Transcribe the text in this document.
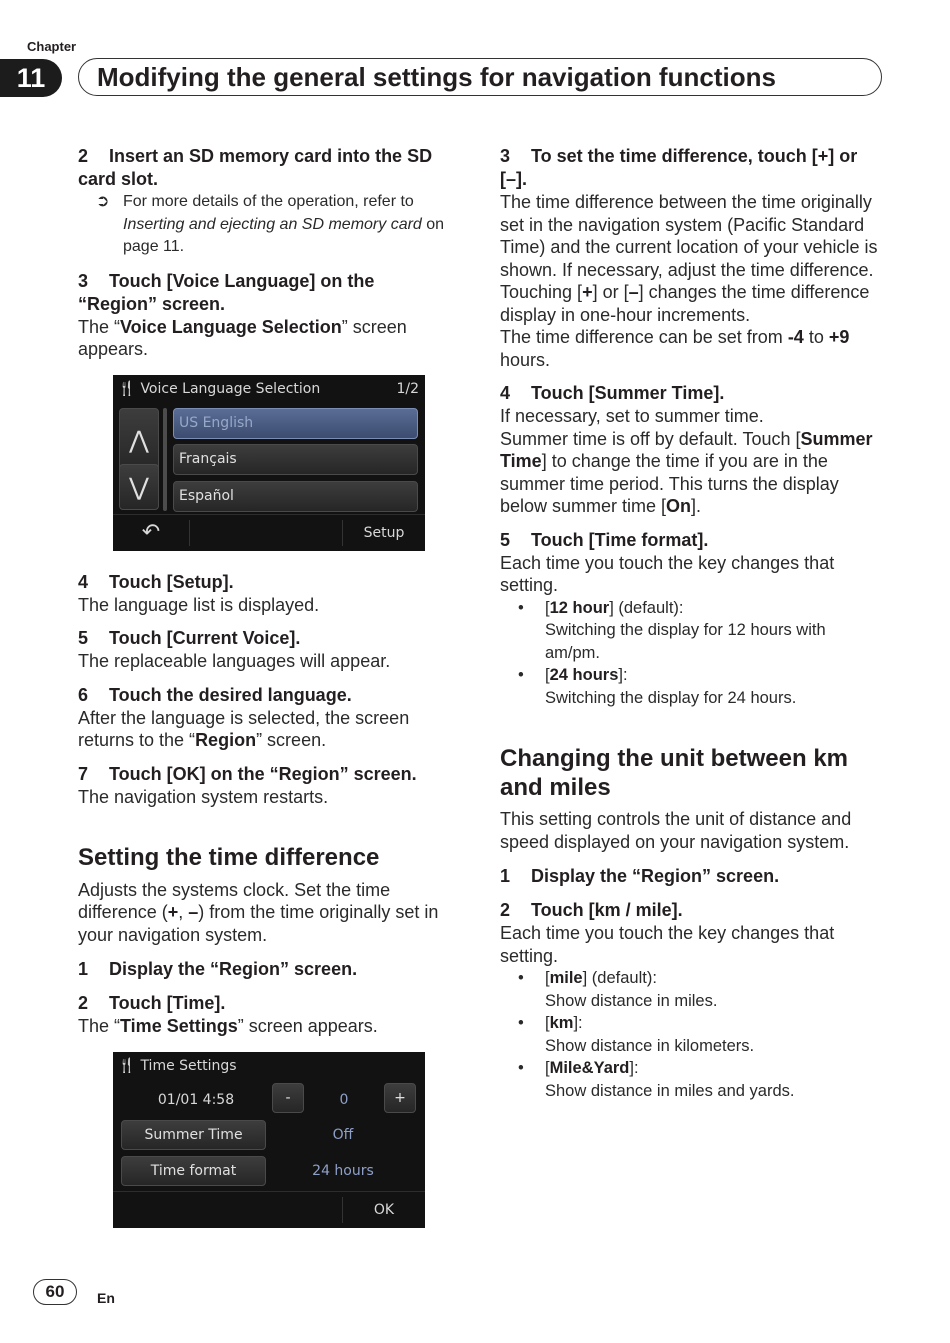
Chapter
11	Modifying the general settings for navigation functions

2 Insert an SD memory card into the SD card slot.

➲ For more details of the operation, refer to Inserting and ejecting an SD memory card on page 11.

3 Touch [Voice Language] on the “Region” screen.

The “Voice Language Selection” screen appears.

🍴 Voice Language Selection	1/2
⋀
⋁
US English
Français
Español
↶	Setup

4 Touch [Setup].

The language list is displayed.

5 Touch [Current Voice].

The replaceable languages will appear.

6 Touch the desired language.

After the language is selected, the screen returns to the “Region” screen.

7 Touch [OK] on the “Region” screen.

The navigation system restarts.

Setting the time difference

Adjusts the systems clock. Set the time difference (+, –) from the time originally set in your navigation system.

1 Display the “Region” screen.

2 Touch [Time].

The “Time Settings” screen appears.

🍴 Time Settings
01/01 4:58	-	0	+
Summer Time	Off
Time format	24 hours
OK

3 To set the time difference, touch [+] or [–].

The time difference between the time originally set in the navigation system (Pacific Standard Time) and the current location of your vehicle is shown. If necessary, adjust the time difference. Touching [+] or [–] changes the time difference display in one-hour increments.

The time difference can be set from -4 to +9 hours.

4 Touch [Summer Time].

If necessary, set to summer time.

Summer time is off by default. Touch [Summer Time] to change the time if you are in the summer time period. This turns the display below summer time [On].

5 Touch [Time format].

Each time you touch the key changes that setting.

• [12 hour] (default):
Switching the display for 12 hours with am/pm.

• [24 hours]:
Switching the display for 24 hours.

Changing the unit between km and miles

This setting controls the unit of distance and speed displayed on your navigation system.

1 Display the “Region” screen.

2 Touch [km / mile].

Each time you touch the key changes that setting.

• [mile] (default):
Show distance in miles.

• [km]:
Show distance in kilometers.

• [Mile&Yard]:
Show distance in miles and yards.

60	En
